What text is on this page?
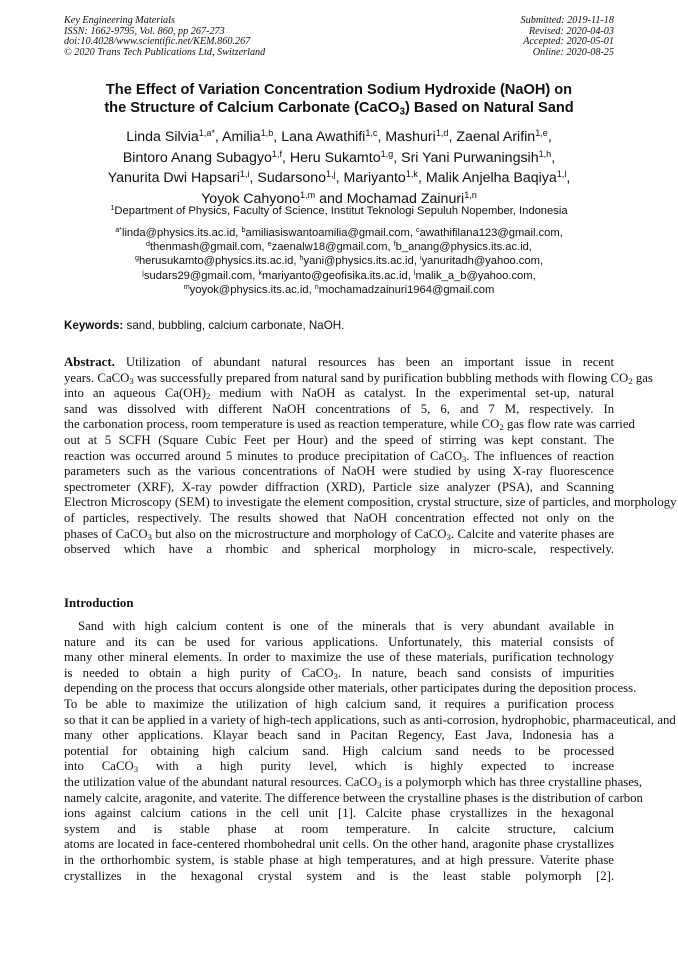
Key Engineering Materials
ISSN: 1662-9795, Vol. 860, pp 267-273
doi:10.4028/www.scientific.net/KEM.860.267
© 2020 Trans Tech Publications Ltd, Switzerland
Submitted: 2019-11-18
Revised: 2020-04-03
Accepted: 2020-05-01
Online: 2020-08-25
The Effect of Variation Concentration Sodium Hydroxide (NaOH) on
the Structure of Calcium Carbonate (CaCO$_3$) Based on Natural Sand
Linda Silvia$^{1,a*}$, Amilia$^{1,b}$, Lana Awathifi$^{1,c}$, Mashuri$^{1,d}$, Zaenal Arifin$^{1,e}$,
Bintoro Anang Subagyo$^{1,f}$, Heru Sukamto$^{1,g}$, Sri Yani Purwaningsih$^{1,h}$,
Yanurita Dwi Hapsari$^{1,i}$, Sudarsono$^{1,j}$, Mariyanto$^{1,k}$, Malik Anjelha Baqiya$^{1,l}$,
Yoyok Cahyono$^{1,m}$ and Mochamad Zainuri$^{1,n}$
$^1$Department of Physics, Faculty of Science, Institut Teknologi Sepuluh Nopember, Indonesia
$^{a*}$linda@physics.its.ac.id, $^b$amiliasiswantoamilia@gmail.com, $^c$awathifilana123@gmail.com,
$^d$thenmash@gmail.com, $^e$zaenalw18@gmail.com, $^f$b_anang@physics.its.ac.id,
$^g$herusukamto@physics.its.ac.id, $^h$yani@physics.its.ac.id, $^i$yanuritadh@yahoo.com,
$^j$sudars29@gmail.com, $^k$mariyanto@geofisika.its.ac.id, $^l$malik_a_b@yahoo.com,
$^m$yoyok@physics.its.ac.id, $^n$mochamadzainuri1964@gmail.com
Keywords: sand, bubbling, calcium carbonate, NaOH.
Abstract. Utilization of abundant natural resources has been an important issue in recent
years. CaCO$_3$ was successfully prepared from natural sand by purification bubbling methods with flowing $CO_2$ gas
into an aqueous $Ca(OH)_2$ medium with NaOH as catalyst. In the experimental set-up, natural
sand was dissolved with different NaOH concentrations of 5, 6, and 7 M, respectively. In
the carbonation process, room temperature is used as reaction temperature, while $CO_2$ gas flow rate was carried
out at 5 SCFH (Square Cubic Feet per Hour) and the speed of stirring was kept constant. The
reaction was occurred around 5 minutes to produce precipitation of CaCO$_3$. The influences of reaction
parameters such as the various concentrations of NaOH were studied by using X-ray fluorescence
spectrometer (XRF), X-ray powder diffraction (XRD), Particle size analyzer (PSA), and Scanning
Electron Microscopy (SEM) to investigate the element composition, crystal structure, size of particles, and morphology
of particles, respectively. The results showed that NaOH concentration effected not only on the
phases of CaCO$_3$ but also on the microstructure and morphology of CaCO$_3$. Calcite and vaterite phases are
observed which have a rhombic and spherical morphology in micro-scale, respectively.
Introduction
Sand with high calcium content is one of the minerals that is very abundant available in
nature and its can be used for various applications. Unfortunately, this material consists of
many other mineral elements. In order to maximize the use of these materials, purification technology
is needed to obtain a high purity of CaCO$_3$. In nature, beach sand consists of impurities
depending on the process that occurs alongside other materials, other participates during the deposition process.
To be able to maximize the utilization of high calcium sand, it requires a purification process
so that it can be applied in a variety of high-tech applications, such as anti-corrosion, hydrophobic, pharmaceutical, and
many other applications. Klayar beach sand in Pacitan Regency, East Java, Indonesia has a
potential for obtaining high calcium sand. High calcium sand needs to be processed
into CaCO$_3$ with a high purity level, which is highly expected to increase
the utilization value of the abundant natural resources. CaCO$_3$ is a polymorph which has three crystalline phases,
namely calcite, aragonite, and vaterite. The difference between the crystalline phases is the distribution of carbon
ions against calcium cations in the cell unit [1]. Calcite phase crystallizes in the hexagonal
system and is stable phase at room temperature. In calcite structure, calcium
atoms are located in face-centered rhombohedral unit cells. On the other hand, aragonite phase crystallizes
in the orthorhombic system, is stable phase at high temperatures, and at high pressure. Vaterite phase
crystallizes in the hexagonal crystal system and is the least stable polymorph [2].
